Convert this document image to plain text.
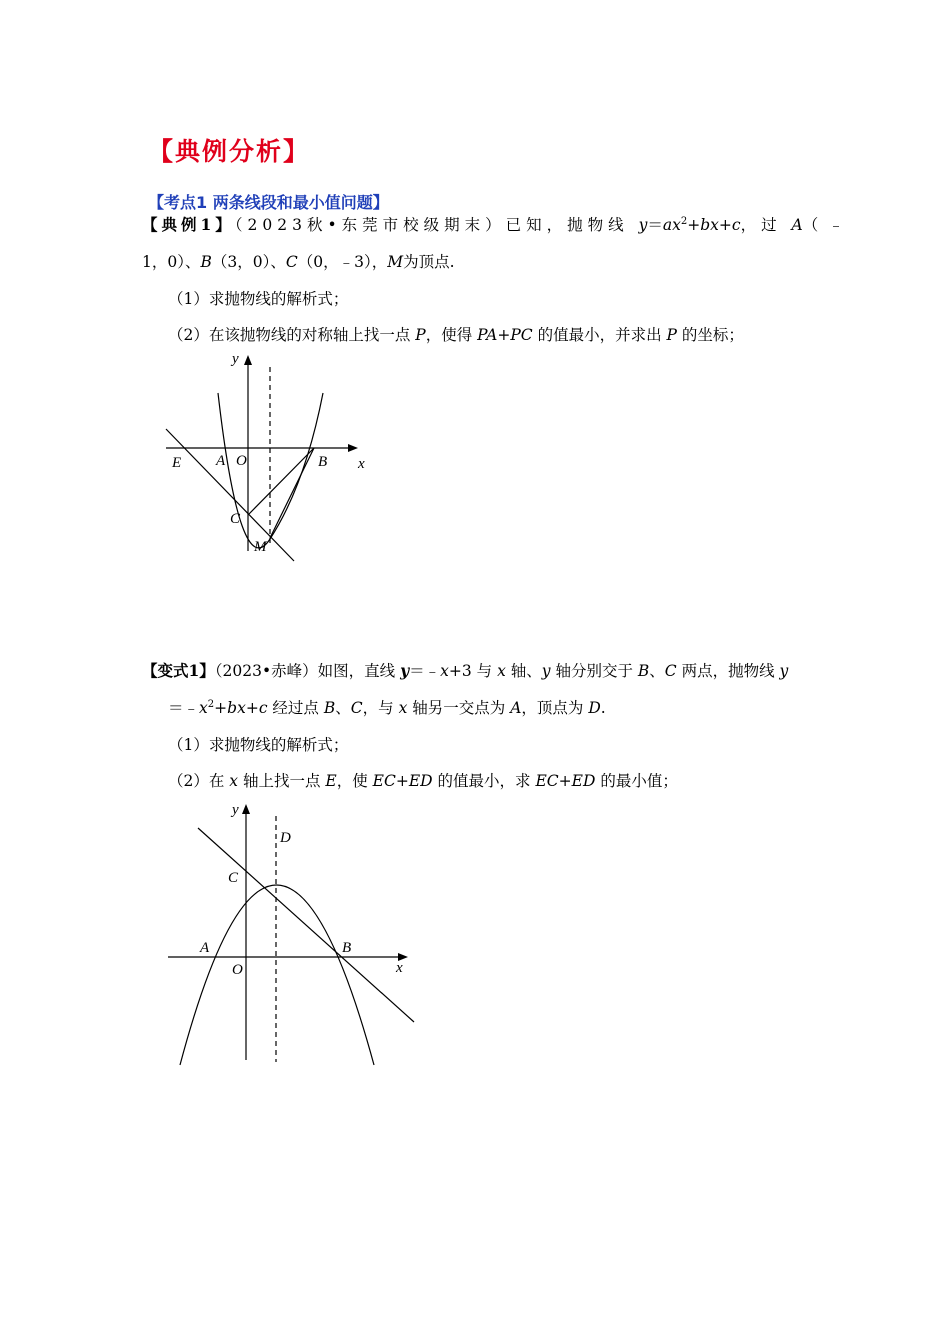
【典例分析】
【考点1 两条线段和最小值问题】
【典例1】（2023秋•东莞市校级期末）已知，抛物线 $y=ax^2+bx+c$，过 A（﹣
1，0）、B（3，0）、C（0，﹣3），M为顶点.
（1）求抛物线的解析式；
（2）在该抛物线的对称轴上找一点 P，使得 PA+PC 的值最小，并求出 P 的坐标；
y
x
E A O	B
C
M
【变式1】（2023•赤峰）如图，直线 y＝﹣x+3 与 x 轴、y 轴分别交于 B、C 两点，抛物线 y
$=﹣x^2+bx+c$ 经过点 B、C，与 x 轴另一交点为 A，顶点为 D.
（1）求抛物线的解析式；
（2）在 x 轴上找一点 E，使 EC+ED 的值最小，求 EC+ED 的最小值；
y
x
D
C
A
O
B
